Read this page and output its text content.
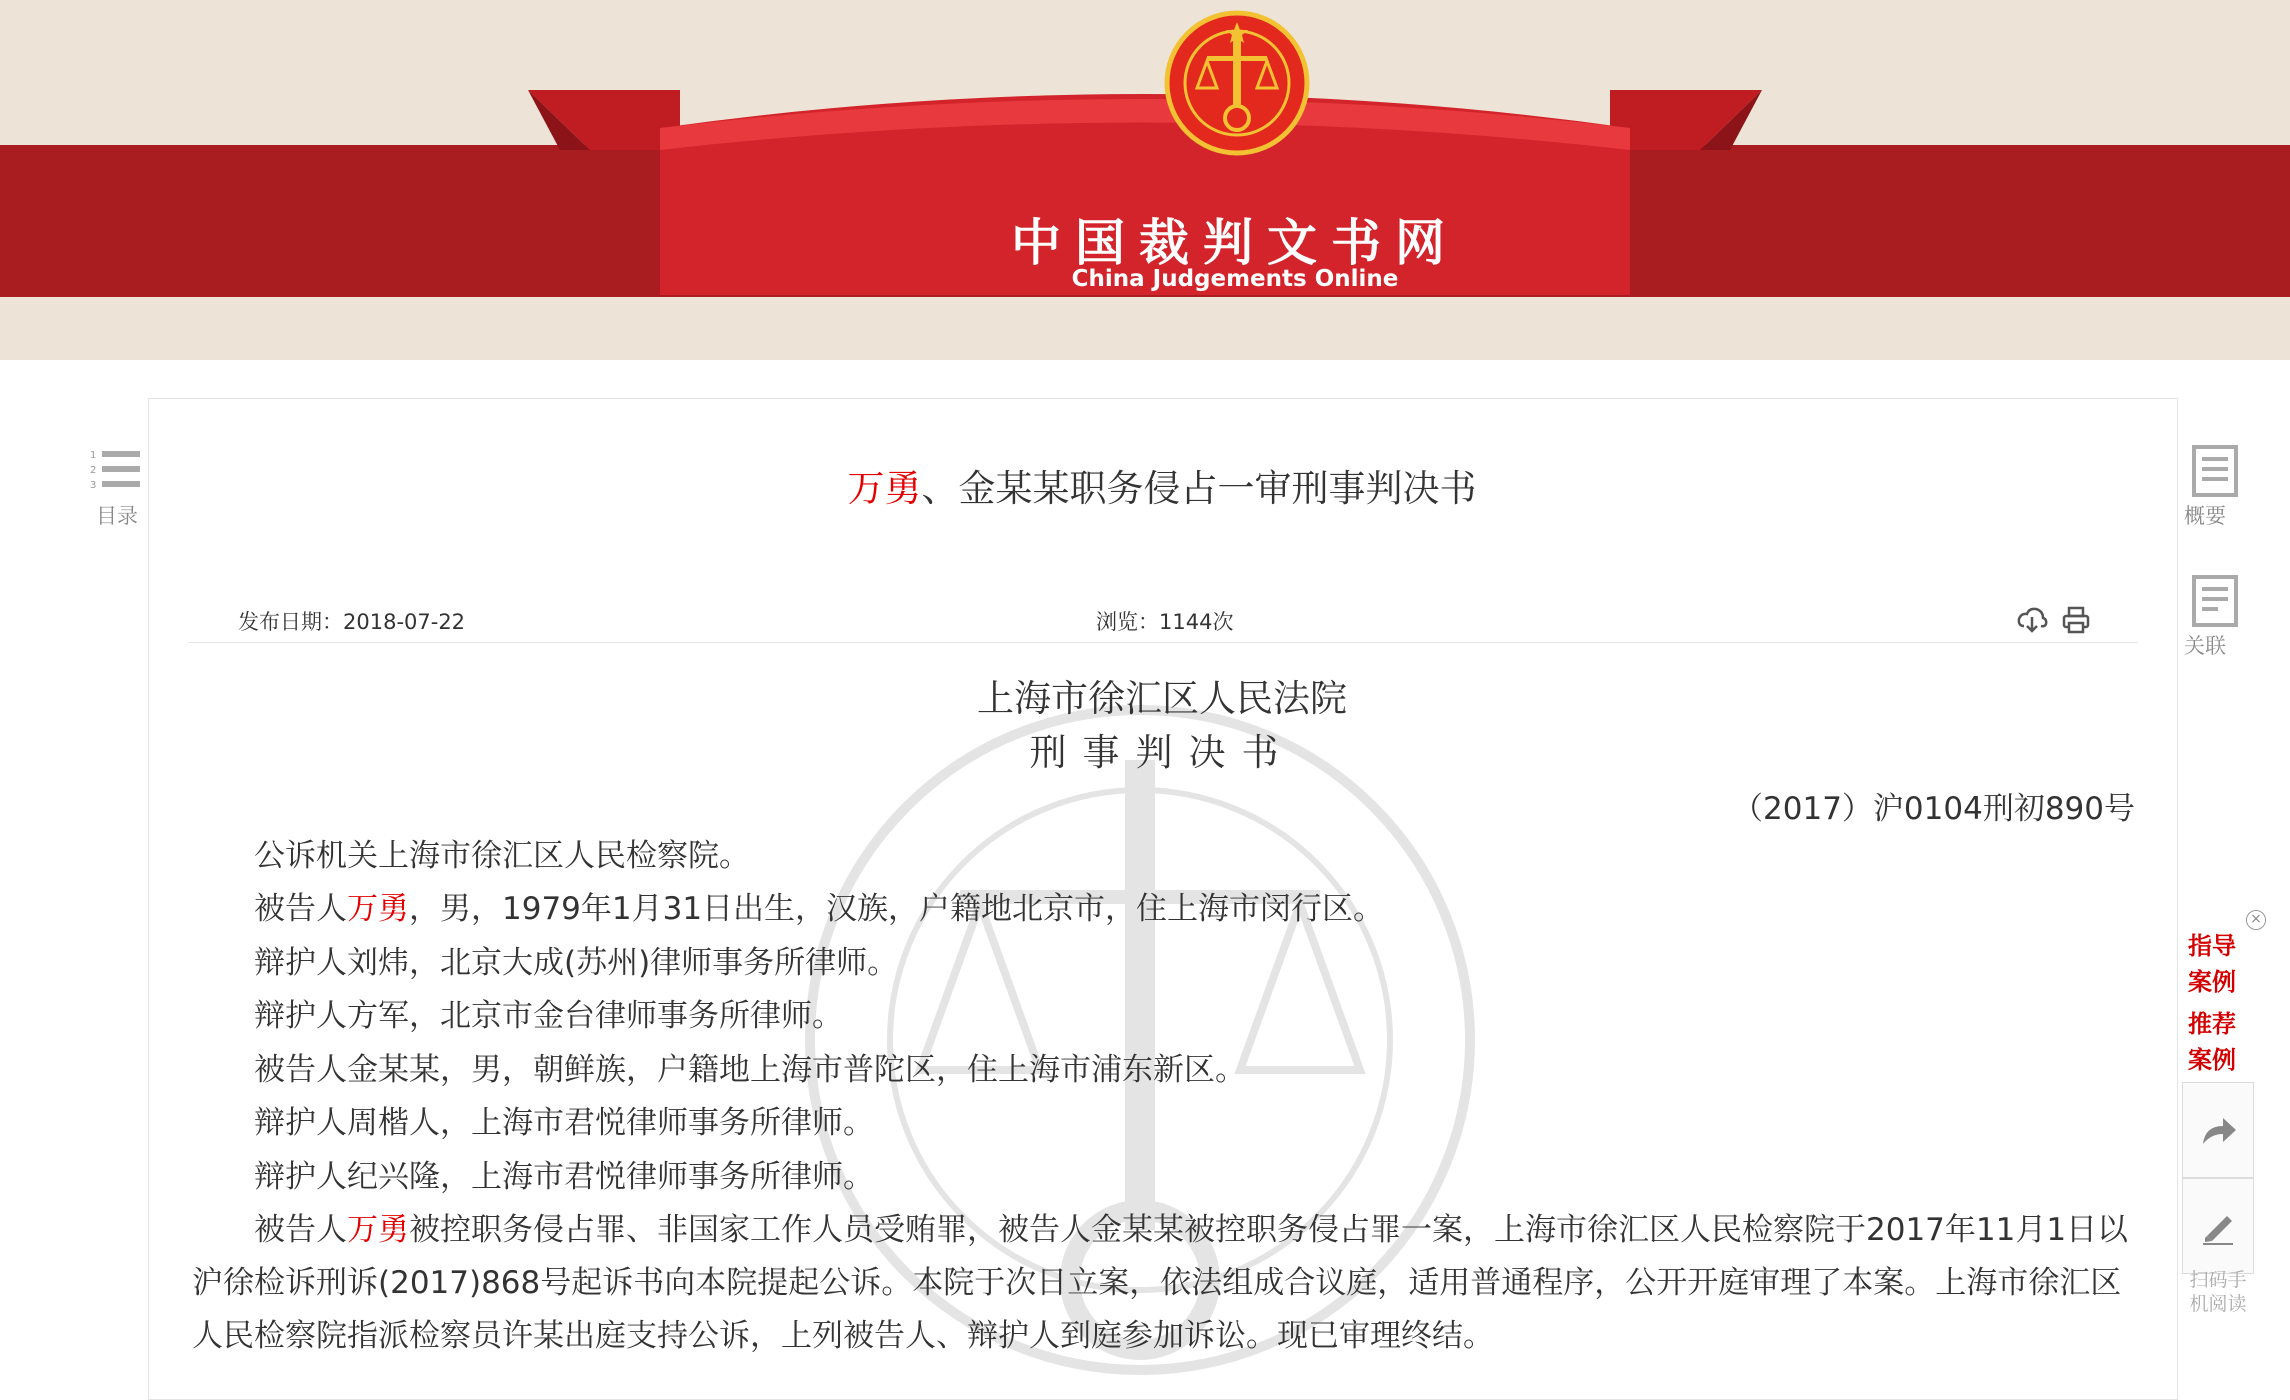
中国裁判文书网
China Judgements Online
1
2
3
目录
万勇、金某某职务侵占一审刑事判决书
发布日期：2018-07-22	浏览：1144次
上海市徐汇区人民法院
刑事判决书
（2017）沪0104刑初890号
公诉机关上海市徐汇区人民检察院。
被告人万勇，男，1979年1月31日出生，汉族，户籍地北京市，住上海市闵行区。
辩护人刘炜，北京大成(苏州)律师事务所律师。
辩护人方军，北京市金台律师事务所律师。
被告人金某某，男，朝鲜族，户籍地上海市普陀区，住上海市浦东新区。
辩护人周楷人，上海市君悦律师事务所律师。
辩护人纪兴隆，上海市君悦律师事务所律师。
被告人万勇被控职务侵占罪、非国家工作人员受贿罪，被告人金某某被控职务侵占罪一案，上海市徐汇区人民检察院于2017年11月1日以沪徐检诉刑诉(2017)868号起诉书向本院提起公诉。本院于次日立案，依法组成合议庭，适用普通程序，公开开庭审理了本案。上海市徐汇区人民检察院指派检察员许某出庭支持公诉，上列被告人、辩护人到庭参加诉讼。现已审理终结。
概要
关联
×
指导案例
推荐案例
扫码手机阅读
